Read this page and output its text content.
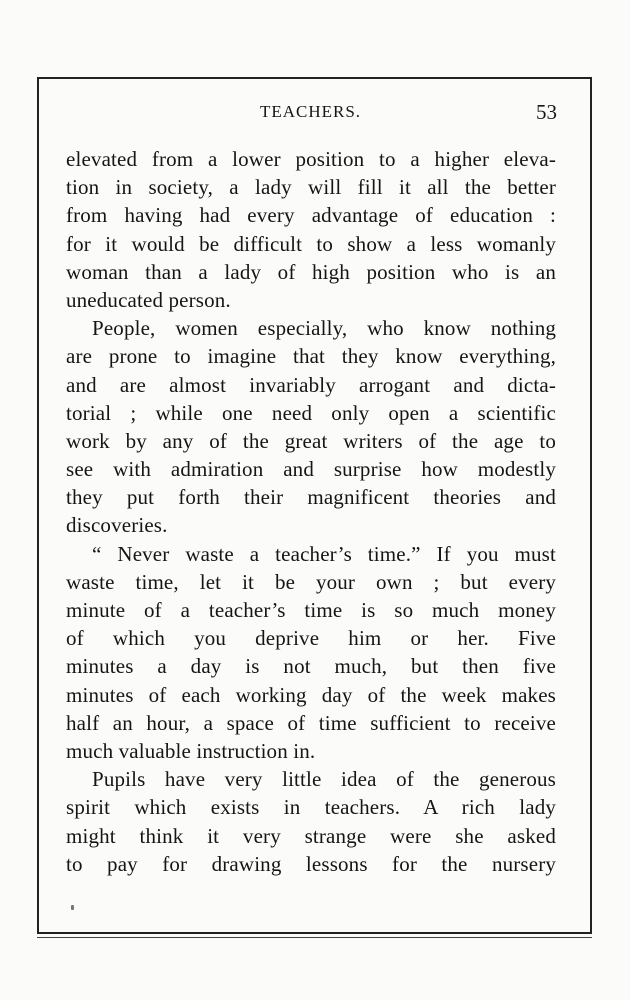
TEACHERS.	53
elevated from a lower position to a higher eleva-
tion in society, a lady will fill it all the better
from having had every advantage of education :
for it would be difficult to show a less womanly
woman than a lady of high position who is an
uneducated person.
People, women especially, who know nothing
are prone to imagine that they know everything,
and are almost invariably arrogant and dicta-
torial ; while one need only open a scientific
work by any of the great writers of the age to
see with admiration and surprise how modestly
they put forth their magnificent theories and
discoveries.
“ Never waste a teacher’s time.” If you must
waste time, let it be your own ; but every
minute of a teacher’s time is so much money
of which you deprive him or her. Five
minutes a day is not much, but then five
minutes of each working day of the week makes
half an hour, a space of time sufficient to receive
much valuable instruction in.
Pupils have very little idea of the generous
spirit which exists in teachers. A rich lady
might think it very strange were she asked
to pay for drawing lessons for the nursery
